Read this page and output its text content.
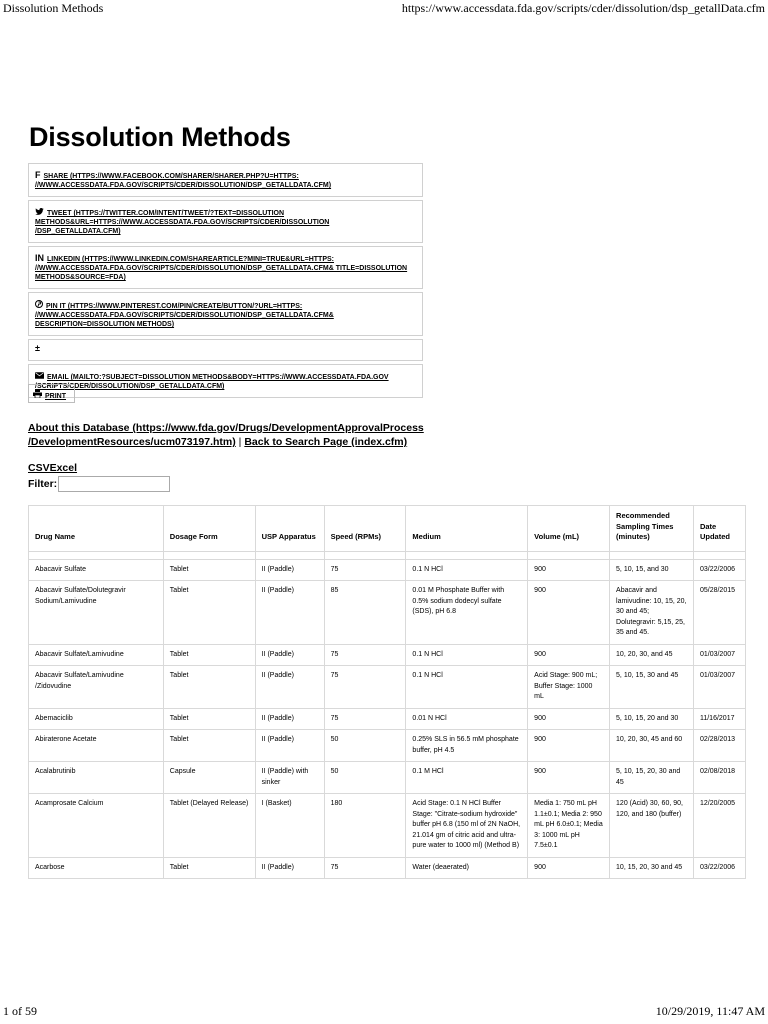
Dissolution Methods	https://www.accessdata.fda.gov/scripts/cder/dissolution/dsp_getallData.cfm
Dissolution Methods
F SHARE (HTTPS://WWW.FACEBOOK.COM/SHARER/SHARER.PHP?U=HTTPS: //WWW.ACCESSDATA.FDA.GOV/SCRIPTS/CDER/DISSOLUTION/DSP_GETALLDATA.CFM)
TWEET (HTTPS://TWITTER.COM/INTENT/TWEET/?TEXT=DISSOLUTION METHODS&URL=HTTPS://WWW.ACCESSDATA.FDA.GOV/SCRIPTS/CDER/DISSOLUTION /DSP_GETALLDATA.CFM)
IN LINKEDIN (HTTPS://WWW.LINKEDIN.COM/SHAREARTICLE?MINI=TRUE&URL=HTTPS: //WWW.ACCESSDATA.FDA.GOV/SCRIPTS/CDER/DISSOLUTION/DSP_GETALLDATA.CFM& TITLE=DISSOLUTION METHODS&SOURCE=FDA)
PIN IT (HTTPS://WWW.PINTEREST.COM/PIN/CREATE/BUTTON/?URL=HTTPS: //WWW.ACCESSDATA.FDA.GOV/SCRIPTS/CDER/DISSOLUTION/DSP_GETALLDATA.CFM& DESCRIPTION=DISSOLUTION METHODS)
±
EMAIL (MAILTO:?SUBJECT=DISSOLUTION METHODS&BODY=HTTPS://WWW.ACCESSDATA.FDA.GOV /SCRIPTS/CDER/DISSOLUTION/DSP_GETALLDATA.CFM)
PRINT
About this Database (https://www.fda.gov/Drugs/DevelopmentApprovalProcess /DevelopmentResources/ucm073197.htm) | Back to Search Page (index.cfm)
CSVExcel
Filter:
Drug Name	Dosage Form	USP Apparatus	Speed (RPMs)	Medium	Volume (mL)	Recommended Sampling Times (minutes)	Date Updated

Abacavir Sulfate	Tablet	II (Paddle)	75	0.1 N HCl	900	5, 10, 15, and 30	03/22/2006
Abacavir Sulfate/Dolutegravir Sodium/Lamivudine	Tablet	II (Paddle)	85	0.01 M Phosphate Buffer with 0.5% sodium dodecyl sulfate (SDS), pH 6.8	900	Abacavir and lamivudine: 10, 15, 20, 30 and 45; Dolutegravir: 5,15, 25, 35 and 45.	05/28/2015
Abacavir Sulfate/Lamivudine	Tablet	II (Paddle)	75	0.1 N HCl	900	10, 20, 30, and 45	01/03/2007
Abacavir Sulfate/Lamivudine /Zidovudine	Tablet	II (Paddle)	75	0.1 N HCl	Acid Stage: 900 mL; Buffer Stage: 1000 mL	5, 10, 15, 30 and 45	01/03/2007
Abemaciclib	Tablet	II (Paddle)	75	0.01 N HCl	900	5, 10, 15, 20 and 30	11/16/2017
Abiraterone Acetate	Tablet	II (Paddle)	50	0.25% SLS in 56.5 mM phosphate buffer, pH 4.5	900	10, 20, 30, 45 and 60	02/28/2013
Acalabrutinib	Capsule	II (Paddle) with sinker	50	0.1 M HCl	900	5, 10, 15, 20, 30 and 45	02/08/2018
Acamprosate Calcium	Tablet (Delayed Release)	I (Basket)	180	Acid Stage: 0.1 N HCl Buffer Stage: "Citrate-sodium hydroxide" buffer pH 6.8 (150 ml of 2N NaOH, 21.014 gm of citric acid and ultra-pure water to 1000 ml) (Method B)	Media 1: 750 mL pH 1.1±0.1; Media 2: 950 mL pH 6.0±0.1; Media 3: 1000 mL pH 7.5±0.1	120 (Acid) 30, 60, 90, 120, and 180 (buffer)	12/20/2005
Acarbose	Tablet	II (Paddle)	75	Water (deaerated)	900	10, 15, 20, 30 and 45	03/22/2006
1 of 59	10/29/2019, 11:47 AM
